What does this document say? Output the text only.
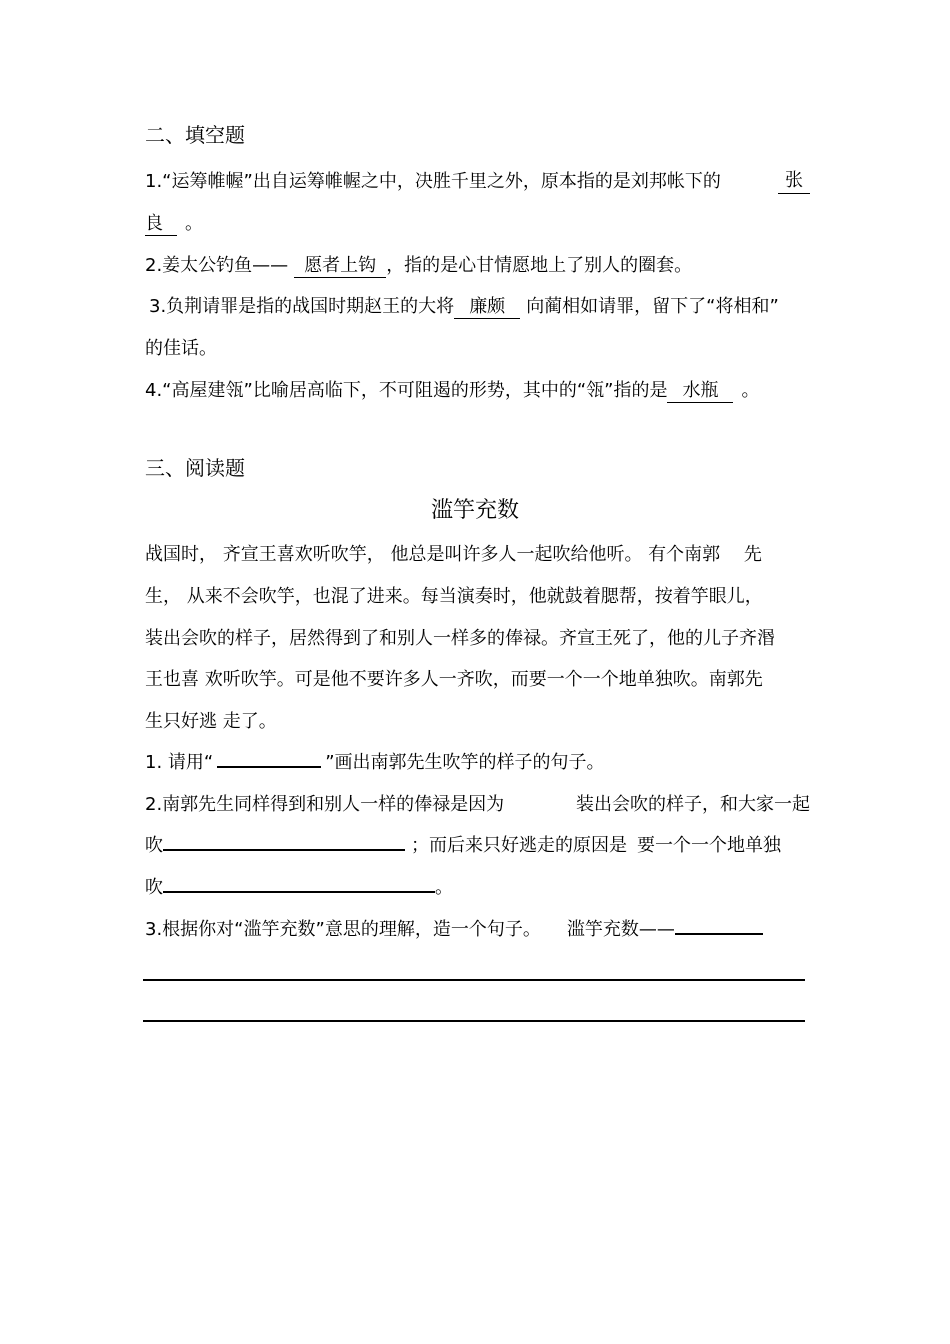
二、填空题
1.“运筹帷幄”出自运筹帷幄之中，决胜千里之外，原本指的是刘邦帐下的	张
良 。
2.姜太公钓鱼—— 愿者上钩 ，指的是心甘情愿地上了别人的圈套。
3.负荆请罪是指的战国时期赵王的大将 廉颇 向蔺相如请罪，留下了“将相和”
的佳话。
4.“高屋建瓴”比喻居高临下，不可阻遏的形势，其中的“瓴”指的是 水瓶 。
三、阅读题
滥竽充数
战国时， 齐宣王喜欢听吹竽， 他总是叫许多人一起吹给他听。 有个南郭　 先
生， 从来不会吹竽，也混了进来。每当演奏时，他就鼓着腮帮，按着竽眼儿，
装出会吹的样子，居然得到了和别人一样多的俸禄。齐宣王死了，他的儿子齐湣
王也喜 欢听吹竽。可是他不要许多人一齐吹，而要一个一个地单独吹。南郭先
生只好逃 走了。
1. 请用“	”画出南郭先生吹竽的样子的句子。
2.南郭先生同样得到和别人一样的俸禄是因为	装出会吹的样子，和大家一起
吹	；而后来只好逃走的原因是 要一个一个地单独
吹	。
3.根据你对“滥竽充数”意思的理解，造一个句子。 滥竽充数——
